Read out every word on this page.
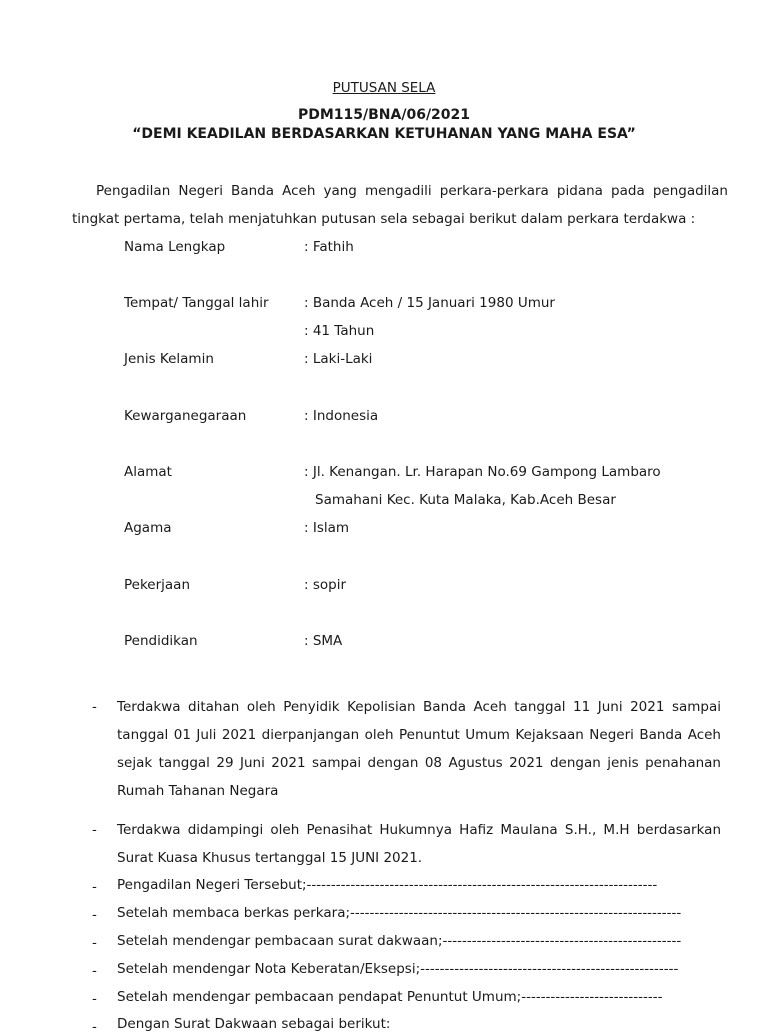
PUTUSAN SELA
PDM115/BNA/06/2021
“DEMI KEADILAN BERDASARKAN KETUHANAN YANG MAHA ESA”
Pengadilan Negeri Banda Aceh yang mengadili perkara-perkara pidana pada pengadilan tingkat pertama, telah menjatuhkan putusan sela sebagai berikut dalam perkara terdakwa :
Nama Lengkap	: Fathih
Tempat/ Tanggal lahir	: Banda Aceh / 15 Januari 1980 Umur
: 41 Tahun
Jenis Kelamin	: Laki-Laki
Kewarganegaraan	: Indonesia
Alamat	: Jl. Kenangan. Lr. Harapan No.69 Gampong Lambaro
Samahani Kec. Kuta Malaka, Kab.Aceh Besar
Agama	: Islam
Pekerjaan	: sopir
Pendidikan	: SMA
- Terdakwa ditahan oleh Penyidik Kepolisian Banda Aceh tanggal 11 Juni 2021 sampai tanggal 01 Juli 2021 dierpanjangan oleh Penuntut Umum Kejaksaan Negeri Banda Aceh sejak tanggal 29 Juni 2021 sampai dengan 08 Agustus 2021 dengan jenis penahanan Rumah Tahanan Negara
- Terdakwa didampingi oleh Penasihat Hukumnya Hafiz Maulana S.H., M.H berdasarkan Surat Kuasa Khusus tertanggal 15 JUNI 2021.
- Pengadilan Negeri Tersebut;------------------------------------------------------------------------
- Setelah membaca berkas perkara;--------------------------------------------------------------------
- Setelah mendengar pembacaan surat dakwaan;-------------------------------------------------
- Setelah mendengar Nota Keberatan/Eksepsi;-----------------------------------------------------
- Setelah mendengar pembacaan pendapat Penuntut Umum;-----------------------------
- Dengan Surat Dakwaan sebagai berikut:
